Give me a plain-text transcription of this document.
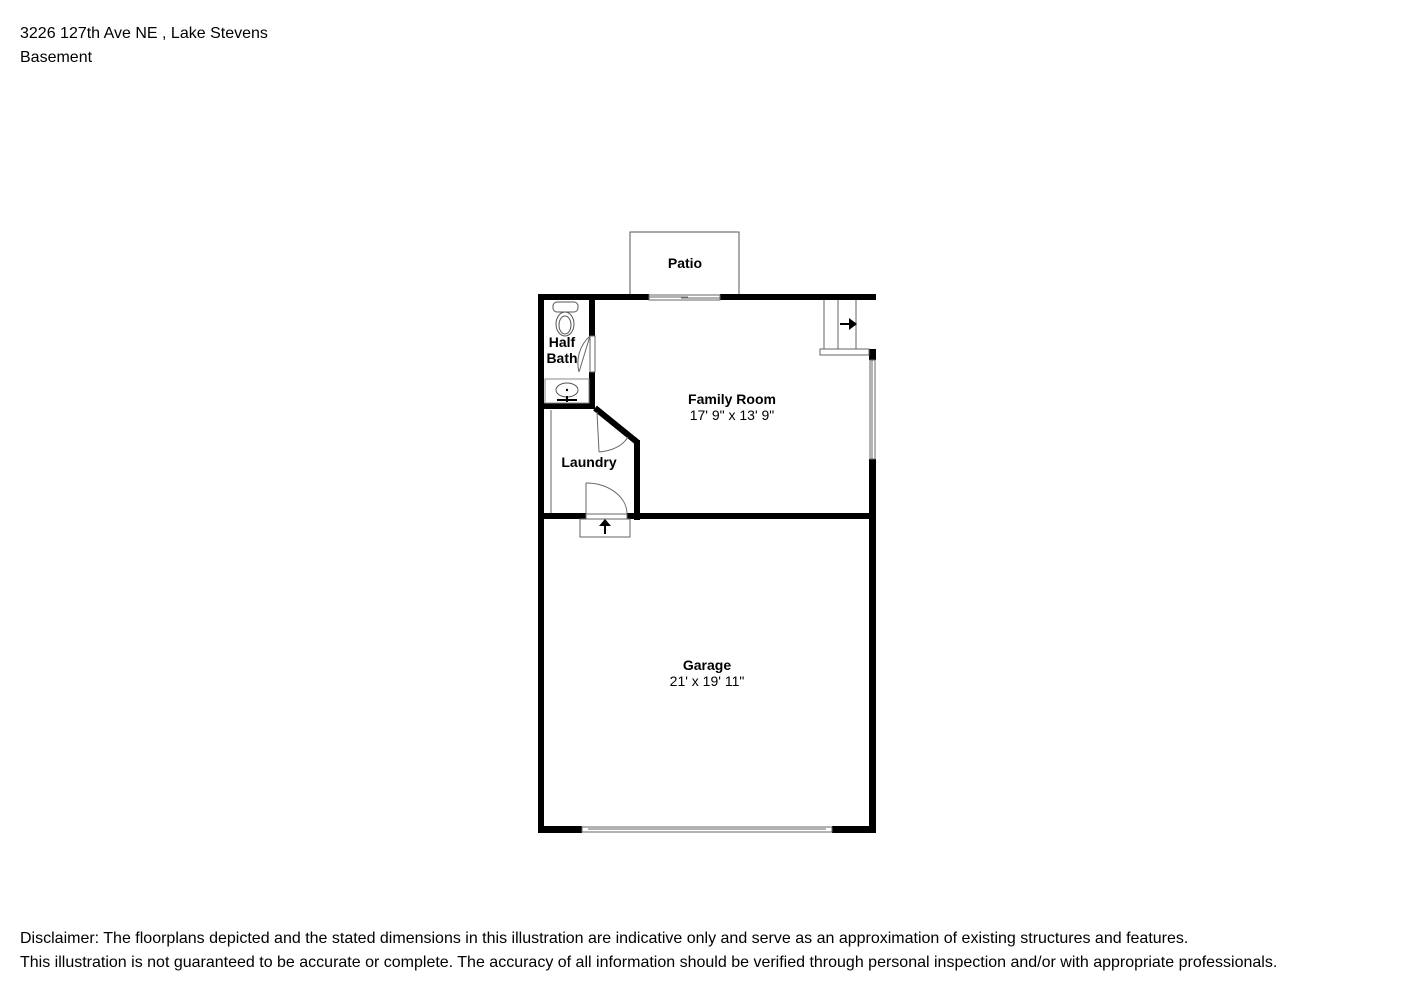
3226 127th Ave NE , Lake Stevens
Basement
Patio
Half
Bath
Family Room
17' 9" x 13' 9"
Laundry
Garage
21' x 19' 11"
Disclaimer: The floorplans depicted and the stated dimensions in this illustration are indicative only and serve as an approximation of existing structures and features.
This illustration is not guaranteed to be accurate or complete. The accuracy of all information should be verified through personal inspection and/or with appropriate professionals.
